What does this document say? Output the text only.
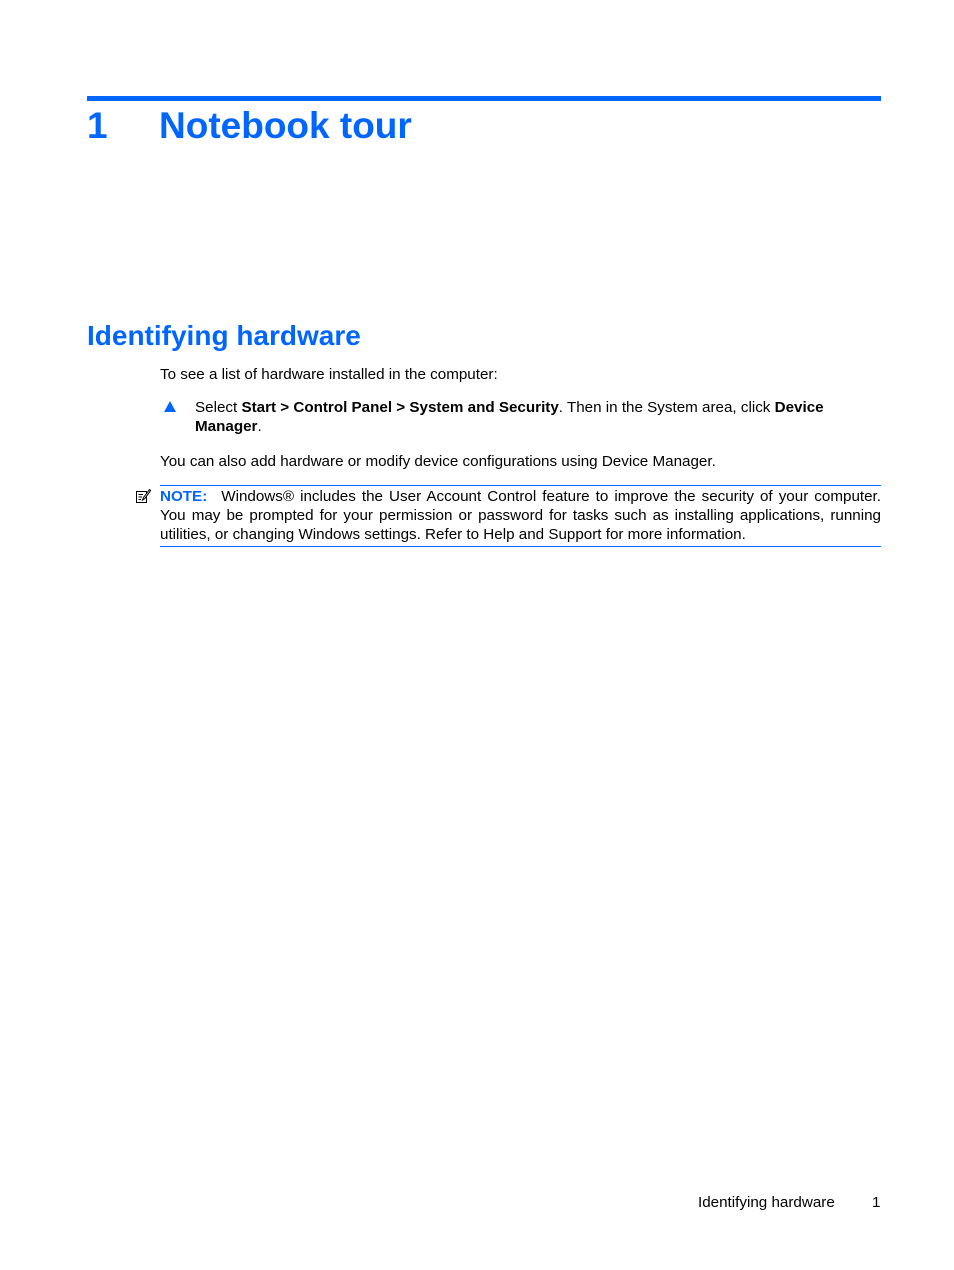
1 Notebook tour
Identifying hardware
To see a list of hardware installed in the computer:
Select Start > Control Panel > System and Security. Then in the System area, click Device Manager.
You can also add hardware or modify device configurations using Device Manager.
NOTE: Windows® includes the User Account Control feature to improve the security of your computer. You may be prompted for your permission or password for tasks such as installing applications, running utilities, or changing Windows settings. Refer to Help and Support for more information.
Identifying hardware 1
